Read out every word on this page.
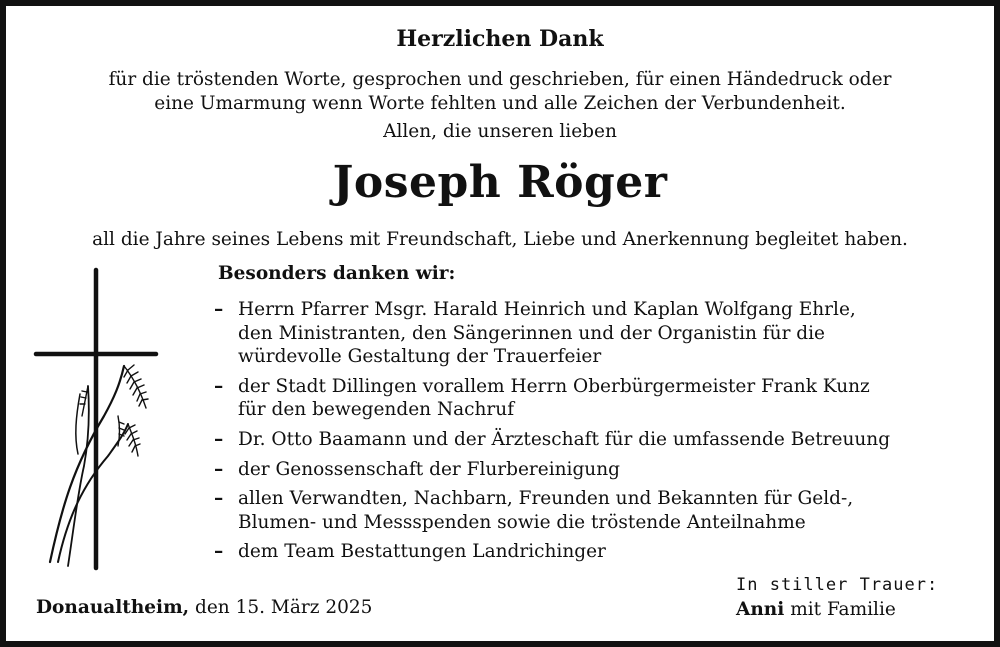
Herzlichen Dank
für die tröstenden Worte, gesprochen und geschrieben, für einen Händedruck oder
eine Umarmung wenn Worte fehlten und alle Zeichen der Verbundenheit.
Allen, die unseren lieben
Joseph Röger
all die Jahre seines Lebens mit Freundschaft, Liebe und Anerkennung begleitet haben.
Besonders danken wir:
– Herrn Pfarrer Msgr. Harald Heinrich und Kaplan Wolfgang Ehrle,
den Ministranten, den Sängerinnen und der Organistin für die
würdevolle Gestaltung der Trauerfeier
– der Stadt Dillingen vorallem Herrn Oberbürgermeister Frank Kunz
für den bewegenden Nachruf
– Dr. Otto Baamann und der Ärzteschaft für die umfassende Betreuung
– der Genossenschaft der Flurbereinigung
– allen Verwandten, Nachbarn, Freunden und Bekannten für Geld-,
Blumen- und Messspenden sowie die tröstende Anteilnahme
– dem Team Bestattungen Landrichinger
Donaualtheim, den 15. März 2025
In stiller Trauer:
Anni mit Familie
